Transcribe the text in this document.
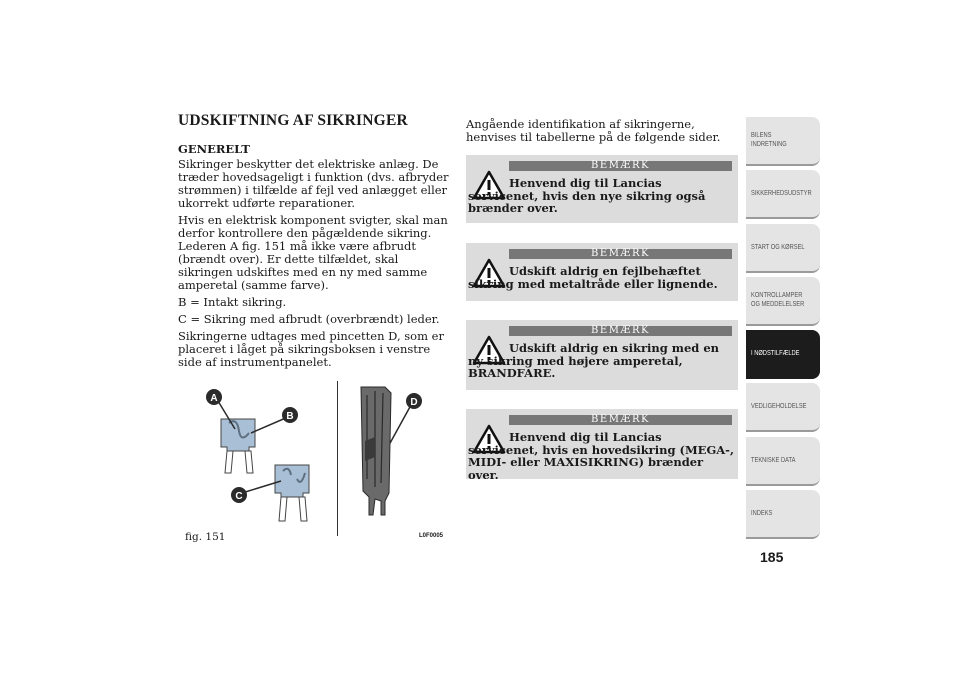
UDSKIFTNING AF SIKRINGER
GENERELT

Sikringer beskytter det elektriske anlæg. De træder hovedsageligt i funktion (dvs. afbryder strømmen) i tilfælde af fejl ved anlægget eller ukorrekt udførte reparationer.

Hvis en elektrisk komponent svigter, skal man derfor kontrollere den pågældende sikring. Lederen A fig. 151 må ikke være afbrudt (brændt over). Er dette tilfældet, skal sikringen udskiftes med en ny med samme amperetal (samme farve).

B = Intakt sikring.

C = Sikring med afbrudt (overbrændt) leder.

Sikringerne udtages med pincetten D, som er placeret i låget på sikringsboksen i venstre side af instrumentpanelet.

A
B
C
D
fig. 151	L0F0005

Angående identifikation af sikringerne, henvises til tabellerne på de følgende sider.

BEMÆRK

Henvend dig til Lancias servicenet, hvis den nye sikring også brænder over.

BEMÆRK

Udskift aldrig en fejlbehæftet sikring med metaltråde eller lignende.

BEMÆRK

Udskift aldrig en sikring med en ny sikring med højere amperetal, BRANDFARE.

BEMÆRK

Henvend dig til Lancias servicenet, hvis en hovedsikring (MEGA-, MIDI- eller MAXISIKRING) brænder over.

BILENS
INDRETNING
SIKKERHEDSUDSTYR
START OG KØRSEL
KONTROLLAMPER
OG MEDDELELSER
I NØDSTILFÆLDE
VEDLIGEHOLDELSE
TEKNISKE DATA
INDEKS
185
